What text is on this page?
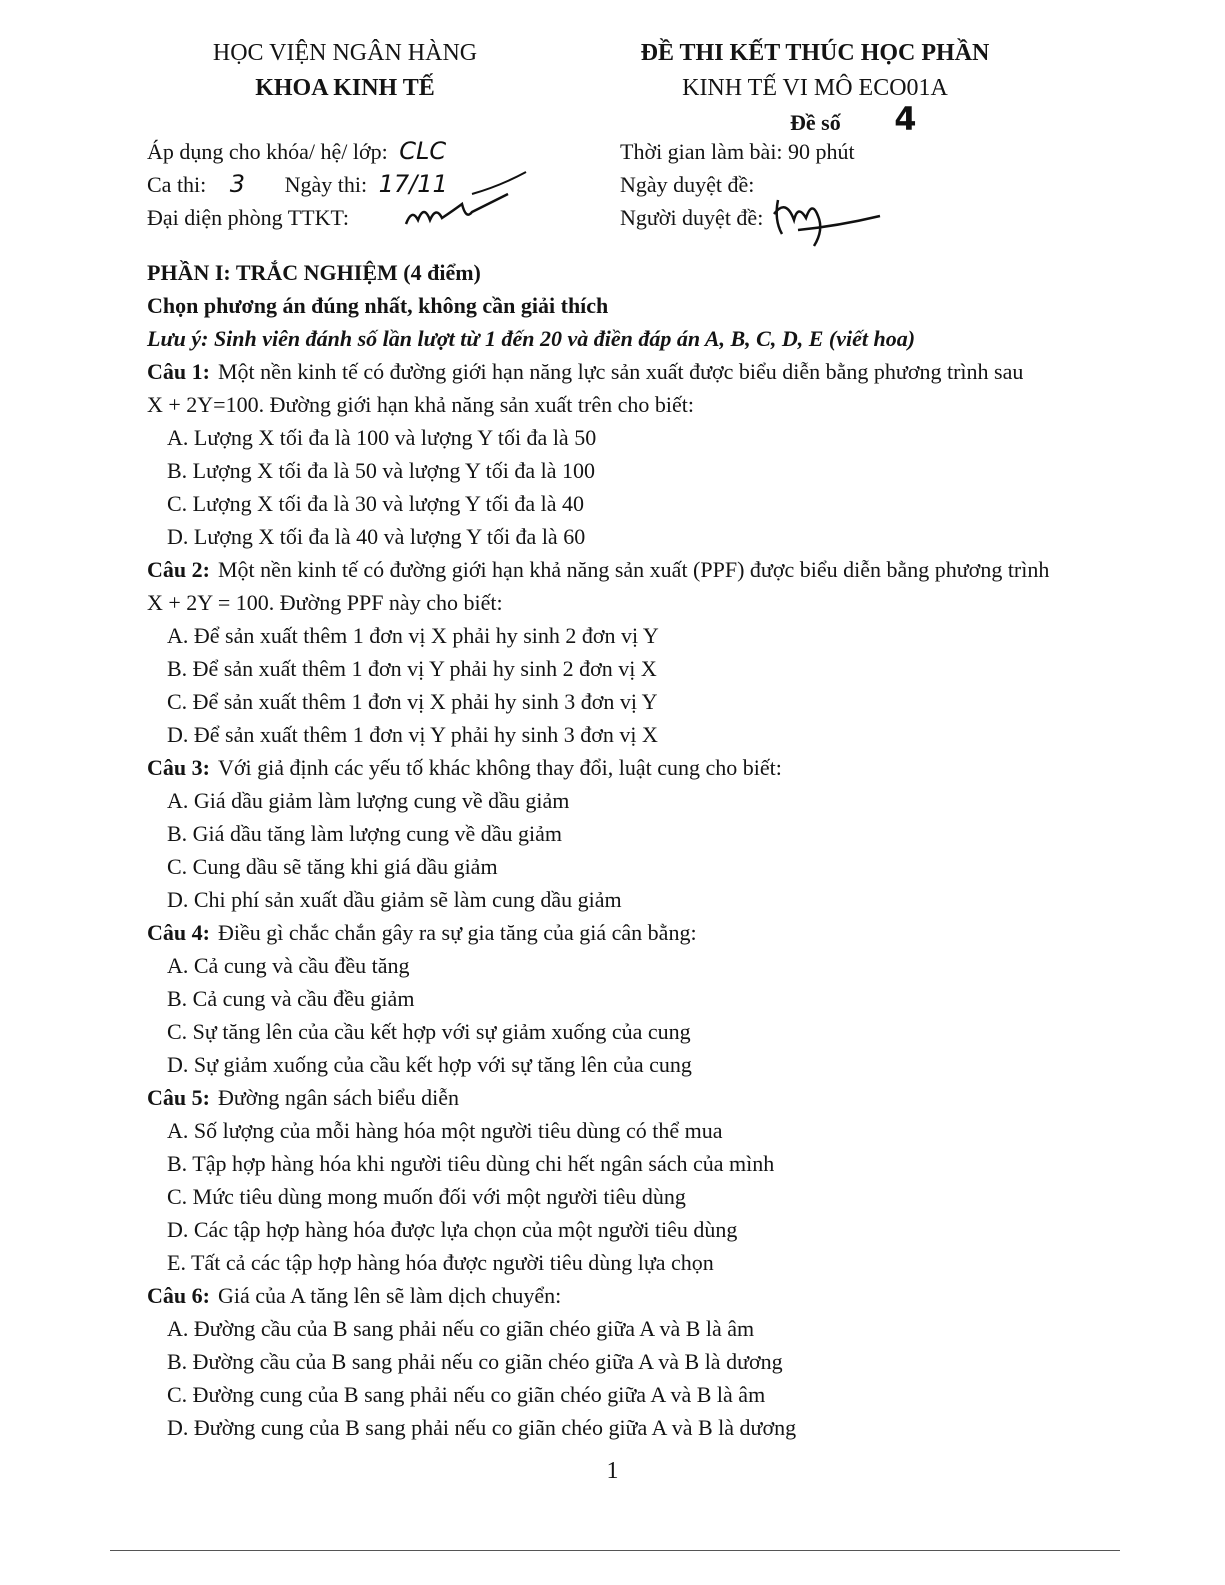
HỌC VIỆN NGÂN HÀNG
KHOA KINH TẾ
ĐỀ THI KẾT THÚC HỌC PHẦN
KINH TẾ VI MÔ ECO01A
Đề số 4
Áp dụng cho khóa/ hệ/ lớp: CLC
Ca thi: 3 Ngày thi: 17/11
Đại diện phòng TTKT:
Thời gian làm bài: 90 phút
Ngày duyệt đề:
Người duyệt đề:
PHẦN I: TRẮC NGHIỆM (4 điểm)
Chọn phương án đúng nhất, không cần giải thích
Lưu ý: Sinh viên đánh số lần lượt từ 1 đến 20 và điền đáp án A, B, C, D, E (viết hoa)
Câu 1: Một nền kinh tế có đường giới hạn năng lực sản xuất được biểu diễn bằng phương trình sau
X + 2Y=100. Đường giới hạn khả năng sản xuất trên cho biết:
A. Lượng X tối đa là 100 và lượng Y tối đa là 50
B. Lượng X tối đa là 50 và lượng Y tối đa là 100
C. Lượng X tối đa là 30 và lượng Y tối đa là 40
D. Lượng X tối đa là 40 và lượng Y tối đa là 60
Câu 2: Một nền kinh tế có đường giới hạn khả năng sản xuất (PPF) được biểu diễn bằng phương trình
X + 2Y = 100. Đường PPF này cho biết:
A. Để sản xuất thêm 1 đơn vị X phải hy sinh 2 đơn vị Y
B. Để sản xuất thêm 1 đơn vị Y phải hy sinh 2 đơn vị X
C. Để sản xuất thêm 1 đơn vị X phải hy sinh 3 đơn vị Y
D. Để sản xuất thêm 1 đơn vị Y phải hy sinh 3 đơn vị X
Câu 3: Với giả định các yếu tố khác không thay đổi, luật cung cho biết:
A. Giá dầu giảm làm lượng cung về dầu giảm
B. Giá dầu tăng làm lượng cung về dầu giảm
C. Cung dầu sẽ tăng khi giá dầu giảm
D. Chi phí sản xuất dầu giảm sẽ làm cung dầu giảm
Câu 4: Điều gì chắc chắn gây ra sự gia tăng của giá cân bằng:
A. Cả cung và cầu đều tăng
B. Cả cung và cầu đều giảm
C. Sự tăng lên của cầu kết hợp với sự giảm xuống của cung
D. Sự giảm xuống của cầu kết hợp với sự tăng lên của cung
Câu 5: Đường ngân sách biểu diễn
A. Số lượng của mỗi hàng hóa một người tiêu dùng có thể mua
B. Tập hợp hàng hóa khi người tiêu dùng chi hết ngân sách của mình
C. Mức tiêu dùng mong muốn đối với một người tiêu dùng
D. Các tập hợp hàng hóa được lựa chọn của một người tiêu dùng
E. Tất cả các tập hợp hàng hóa được người tiêu dùng lựa chọn
Câu 6: Giá của A tăng lên sẽ làm dịch chuyển:
A. Đường cầu của B sang phải nếu co giãn chéo giữa A và B là âm
B. Đường cầu của B sang phải nếu co giãn chéo giữa A và B là dương
C. Đường cung của B sang phải nếu co giãn chéo giữa A và B là âm
D. Đường cung của B sang phải nếu co giãn chéo giữa A và B là dương
1
